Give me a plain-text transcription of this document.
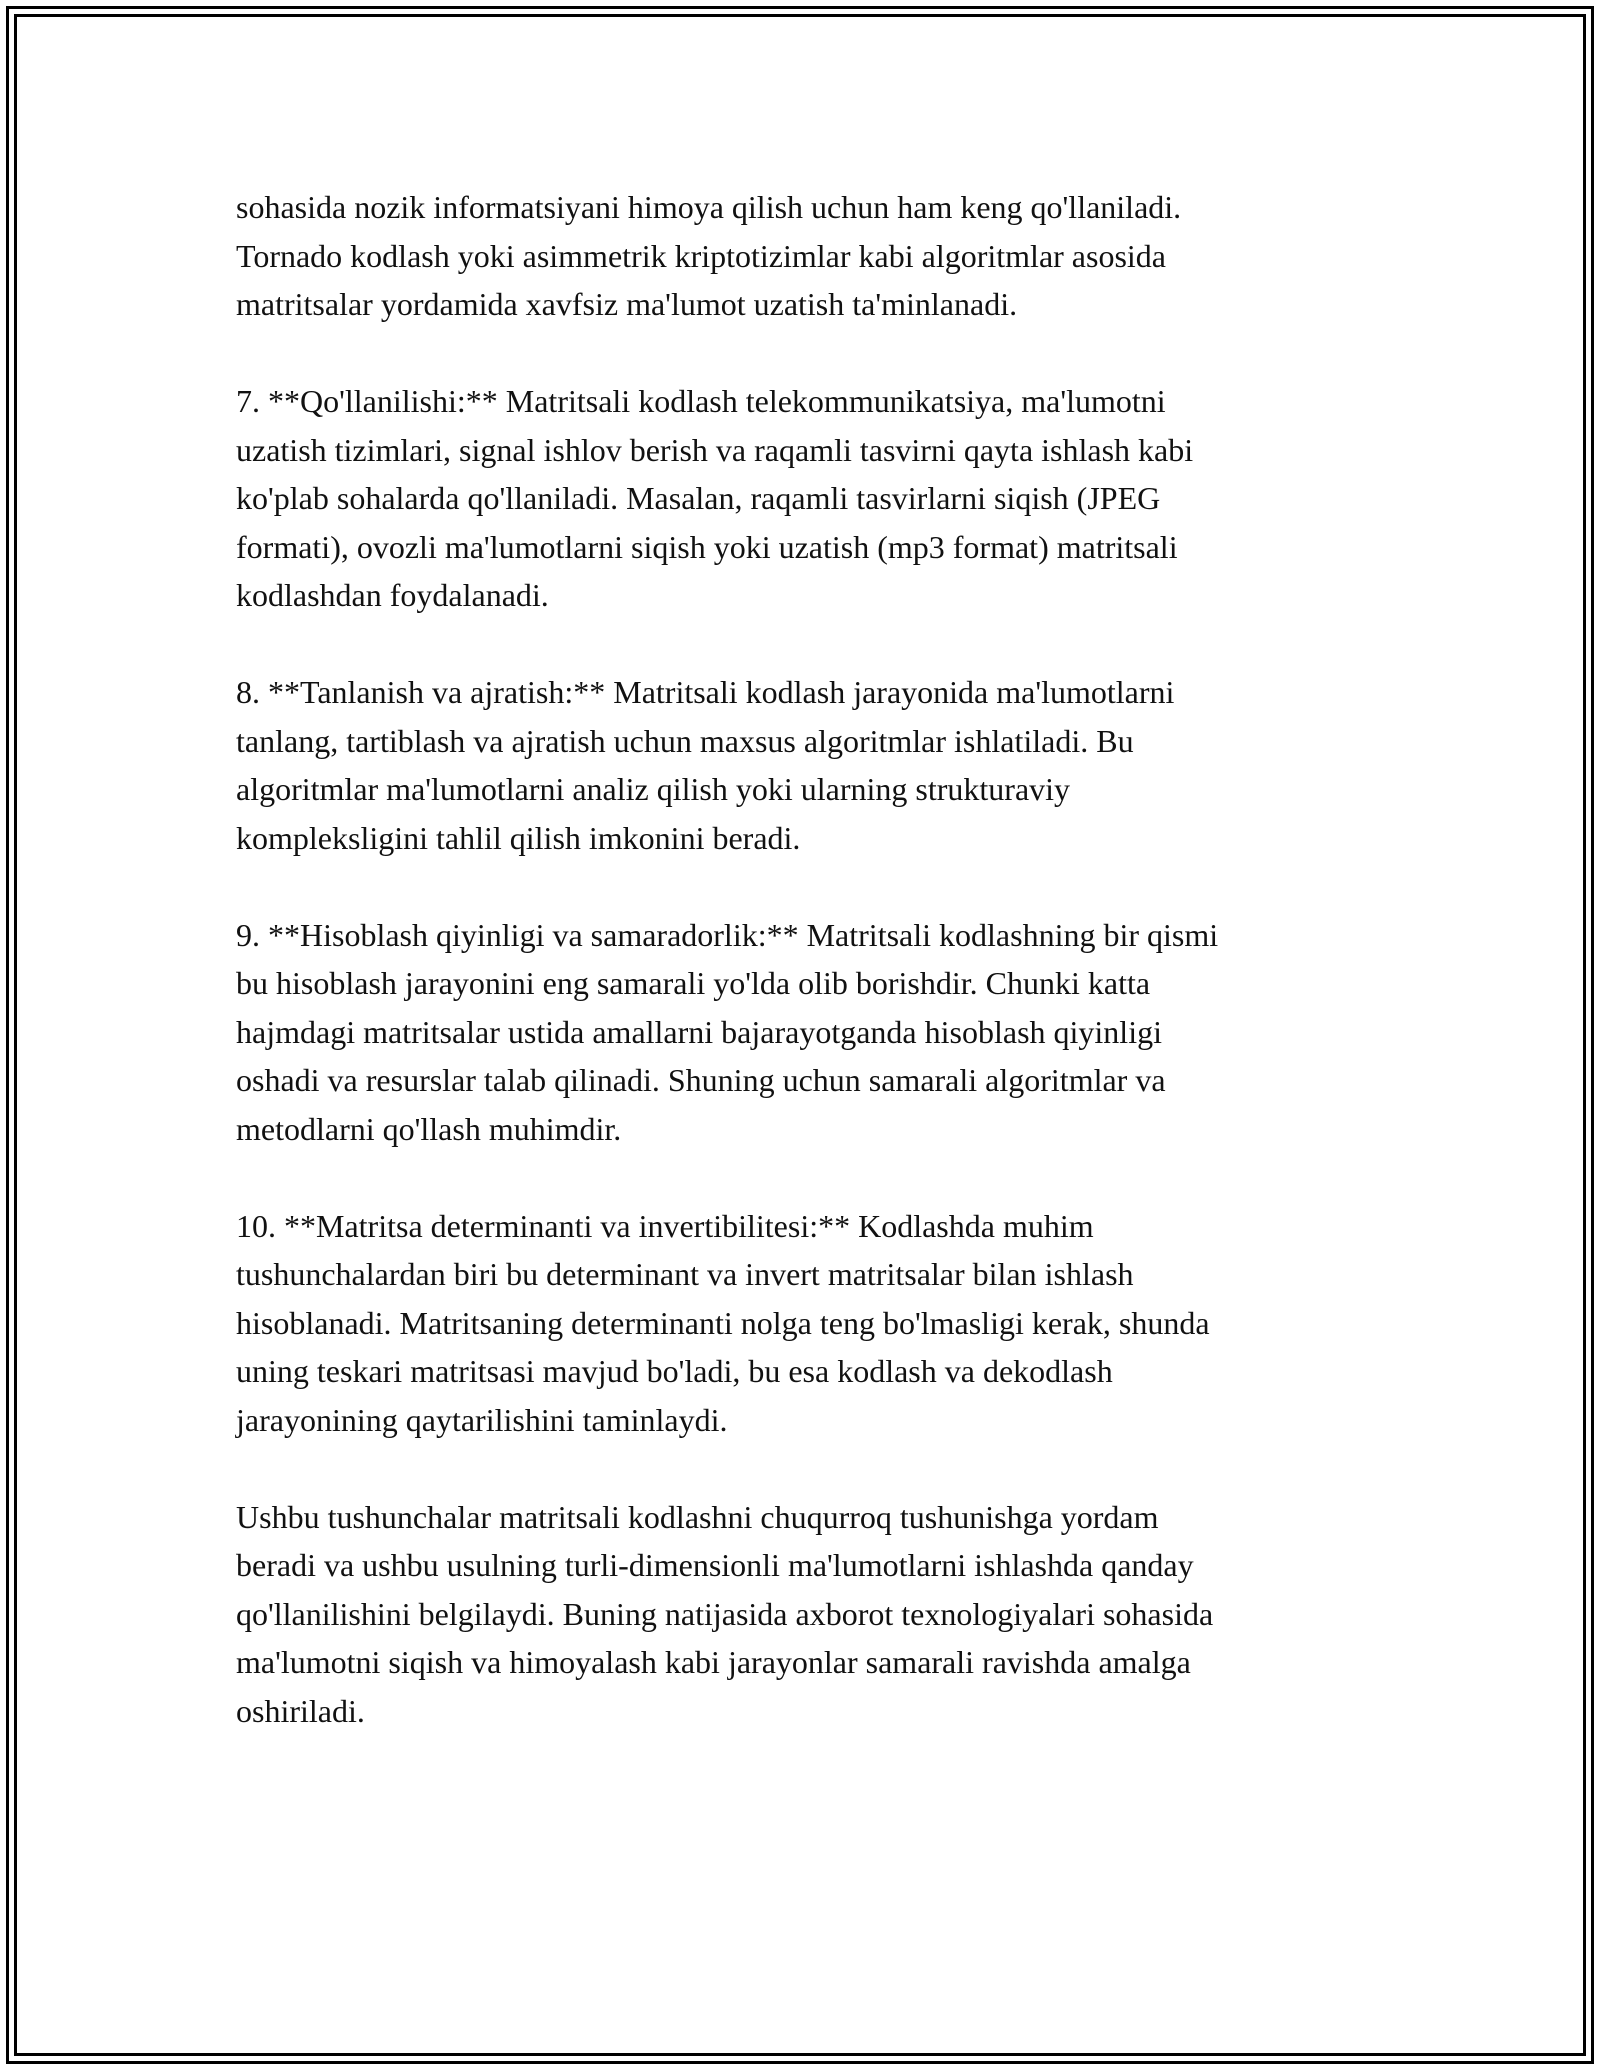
sohasida nozik informatsiyani himoya qilish uchun ham keng qo'llaniladi.
Tornado kodlash yoki asimmetrik kriptotizimlar kabi algoritmlar asosida
matritsalar yordamida xavfsiz ma'lumot uzatish ta'minlanadi.

7. **Qo'llanilishi:** Matritsali kodlash telekommunikatsiya, ma'lumotni
uzatish tizimlari, signal ishlov berish va raqamli tasvirni qayta ishlash kabi
ko'plab sohalarda qo'llaniladi. Masalan, raqamli tasvirlarni siqish (JPEG
formati), ovozli ma'lumotlarni siqish yoki uzatish (mp3 format) matritsali
kodlashdan foydalanadi.

8. **Tanlanish va ajratish:** Matritsali kodlash jarayonida ma'lumotlarni
tanlang, tartiblash va ajratish uchun maxsus algoritmlar ishlatiladi. Bu
algoritmlar ma'lumotlarni analiz qilish yoki ularning strukturaviy
kompleksligini tahlil qilish imkonini beradi.

9. **Hisoblash qiyinligi va samaradorlik:** Matritsali kodlashning bir qismi
bu hisoblash jarayonini eng samarali yo'lda olib borishdir. Chunki katta
hajmdagi matritsalar ustida amallarni bajarayotganda hisoblash qiyinligi
oshadi va resurslar talab qilinadi. Shuning uchun samarali algoritmlar va
metodlarni qo'llash muhimdir.

10. **Matritsa determinanti va invertibilitesi:** Kodlashda muhim
tushunchalardan biri bu determinant va invert matritsalar bilan ishlash
hisoblanadi. Matritsaning determinanti nolga teng bo'lmasligi kerak, shunda
uning teskari matritsasi mavjud bo'ladi, bu esa kodlash va dekodlash
jarayonining qaytarilishini taminlaydi.

Ushbu tushunchalar matritsali kodlashni chuqurroq tushunishga yordam
beradi va ushbu usulning turli-dimensionli ma'lumotlarni ishlashda qanday
qo'llanilishini belgilaydi. Buning natijasida axborot texnologiyalari sohasida
ma'lumotni siqish va himoyalash kabi jarayonlar samarali ravishda amalga
oshiriladi.
